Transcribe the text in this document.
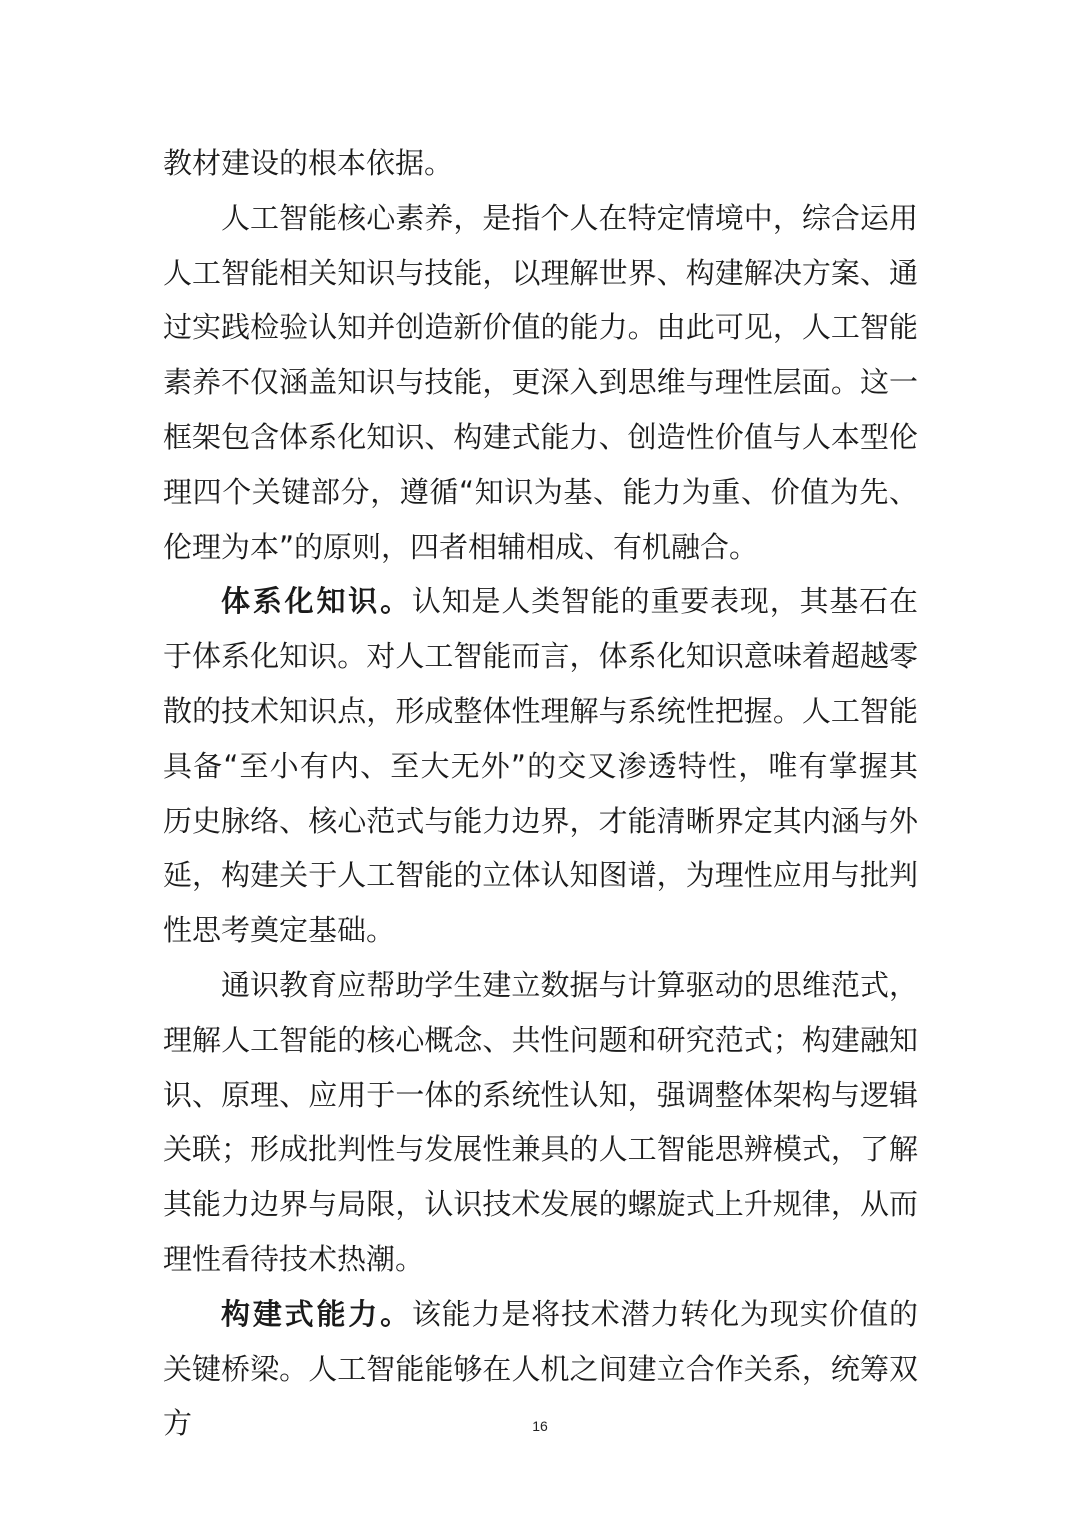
教材建设的根本依据。

人工智能核心素养，是指个人在特定情境中，综合运用人工智能相关知识与技能，以理解世界、构建解决方案、通过实践检验认知并创造新价值的能力。由此可见，人工智能素养不仅涵盖知识与技能，更深入到思维与理性层面。这一框架包含体系化知识、构建式能力、创造性价值与人本型伦理四个关键部分，遵循“知识为基、能力为重、价值为先、伦理为本”的原则，四者相辅相成、有机融合。

体系化知识。认知是人类智能的重要表现，其基石在于体系化知识。对人工智能而言，体系化知识意味着超越零散的技术知识点，形成整体性理解与系统性把握。人工智能具备“至小有内、至大无外”的交叉渗透特性，唯有掌握其历史脉络、核心范式与能力边界，才能清晰界定其内涵与外延，构建关于人工智能的立体认知图谱，为理性应用与批判性思考奠定基础。

通识教育应帮助学生建立数据与计算驱动的思维范式，理解人工智能的核心概念、共性问题和研究范式；构建融知识、原理、应用于一体的系统性认知，强调整体架构与逻辑关联；形成批判性与发展性兼具的人工智能思辨模式，了解其能力边界与局限，认识技术发展的螺旋式上升规律，从而理性看待技术热潮。

构建式能力。该能力是将技术潜力转化为现实价值的关键桥梁。人工智能能够在人机之间建立合作关系，统筹双方	16
